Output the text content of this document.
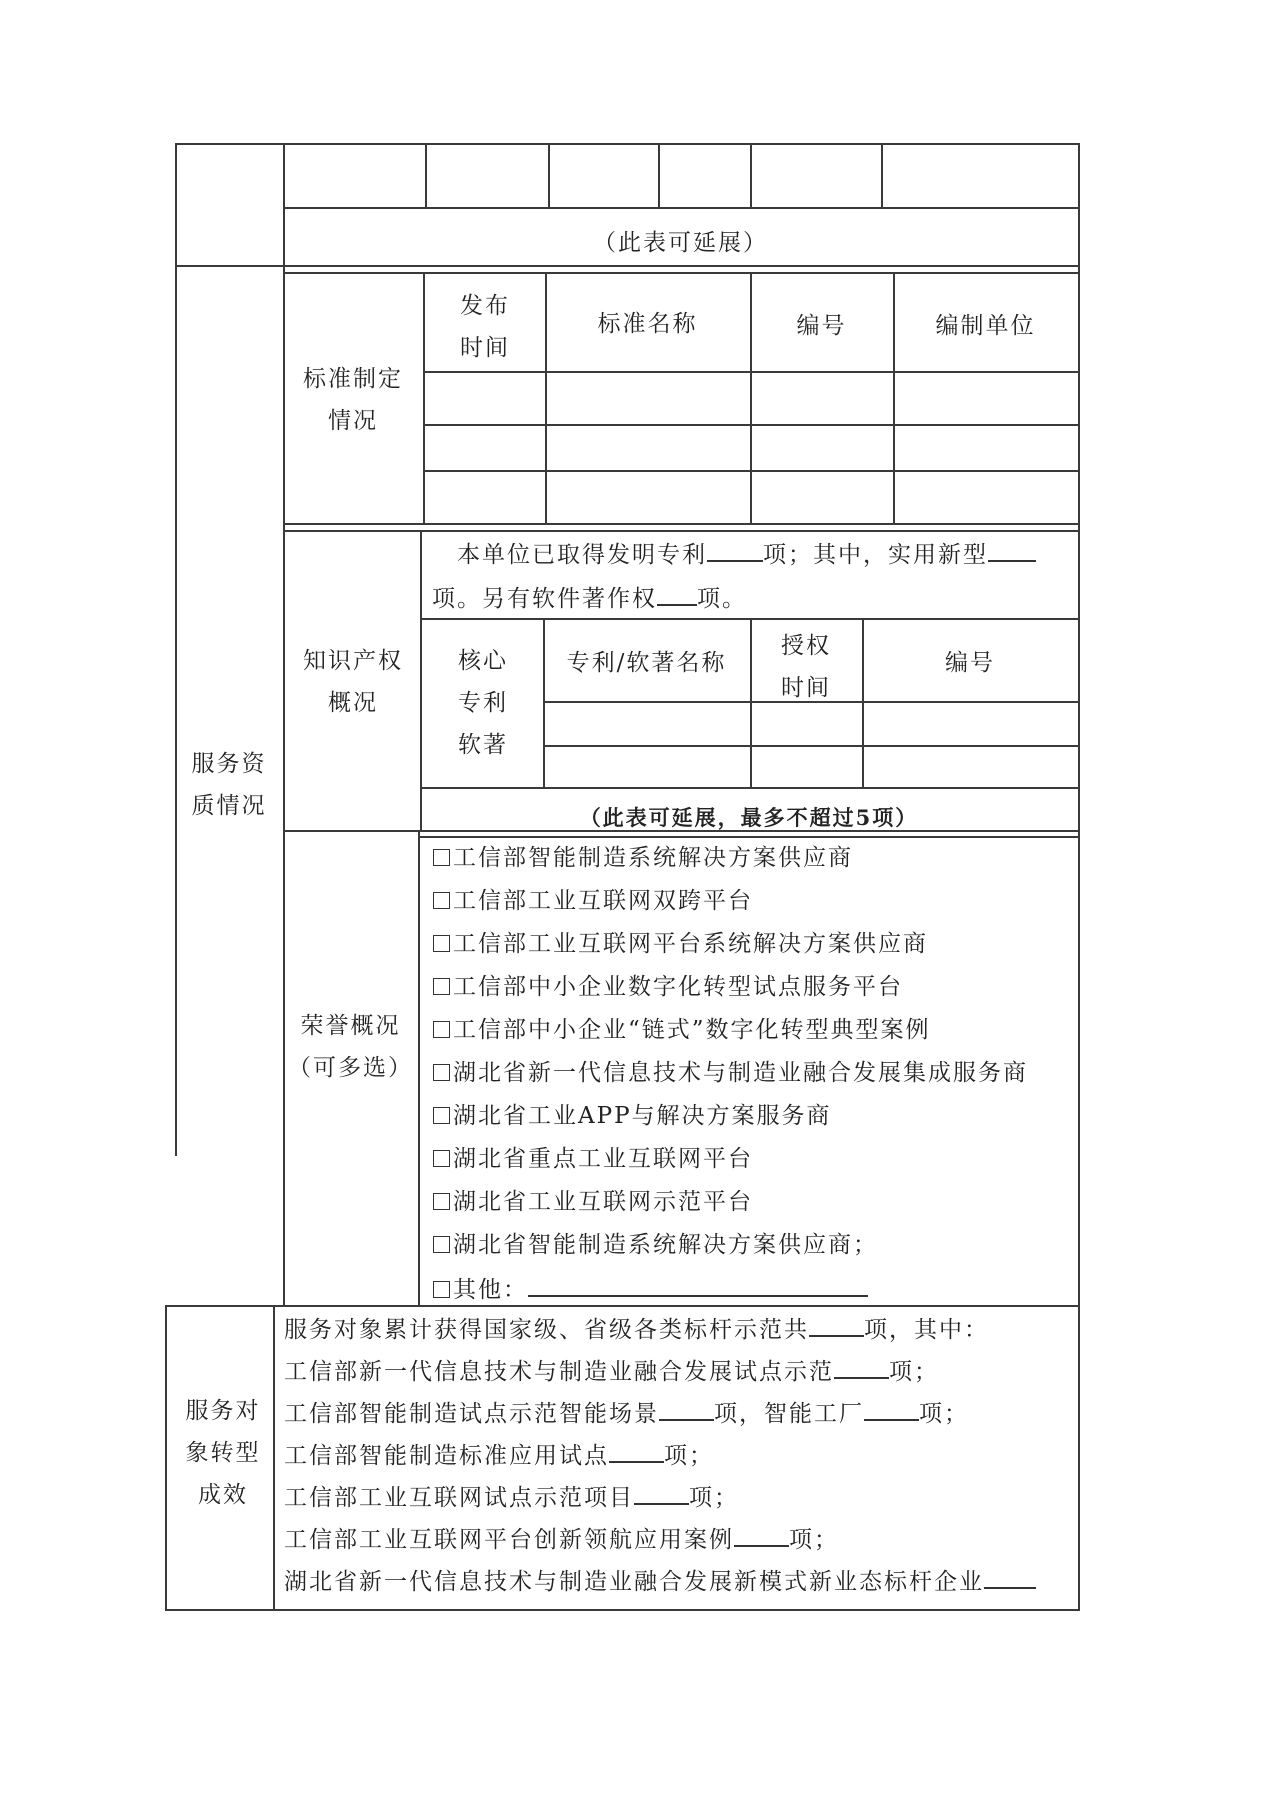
（此表可延展）
标准制定情况
发布时间
标准名称	编号	编制单位
本单位已取得发明专利 项；其中，实用新型
项。另有软件著作权 项。
知识产权概况
核心专利软著
专利/软著名称
授权时间
编号
（此表可延展，最多不超过5项）
荣誉概况（可多选）
工信部智能制造系统解决方案供应商
工信部工业互联网双跨平台
工信部工业互联网平台系统解决方案供应商
工信部中小企业数字化转型试点服务平台
工信部中小企业“链式”数字化转型典型案例
湖北省新一代信息技术与制造业融合发展集成服务商
湖北省工业APP与解决方案服务商
湖北省重点工业互联网平台
湖北省工业互联网示范平台
湖北省智能制造系统解决方案供应商；
其他：
服务资质情况
服务对象转型成效
服务对象累计获得国家级、省级各类标杆示范共 项，其中：
工信部新一代信息技术与制造业融合发展试点示范 项；
工信部智能制造试点示范智能场景 项，智能工厂 项；
工信部智能制造标准应用试点 项；
工信部工业互联网试点示范项目 项；
工信部工业互联网平台创新领航应用案例 项；
湖北省新一代信息技术与制造业融合发展新模式新业态标杆企业
